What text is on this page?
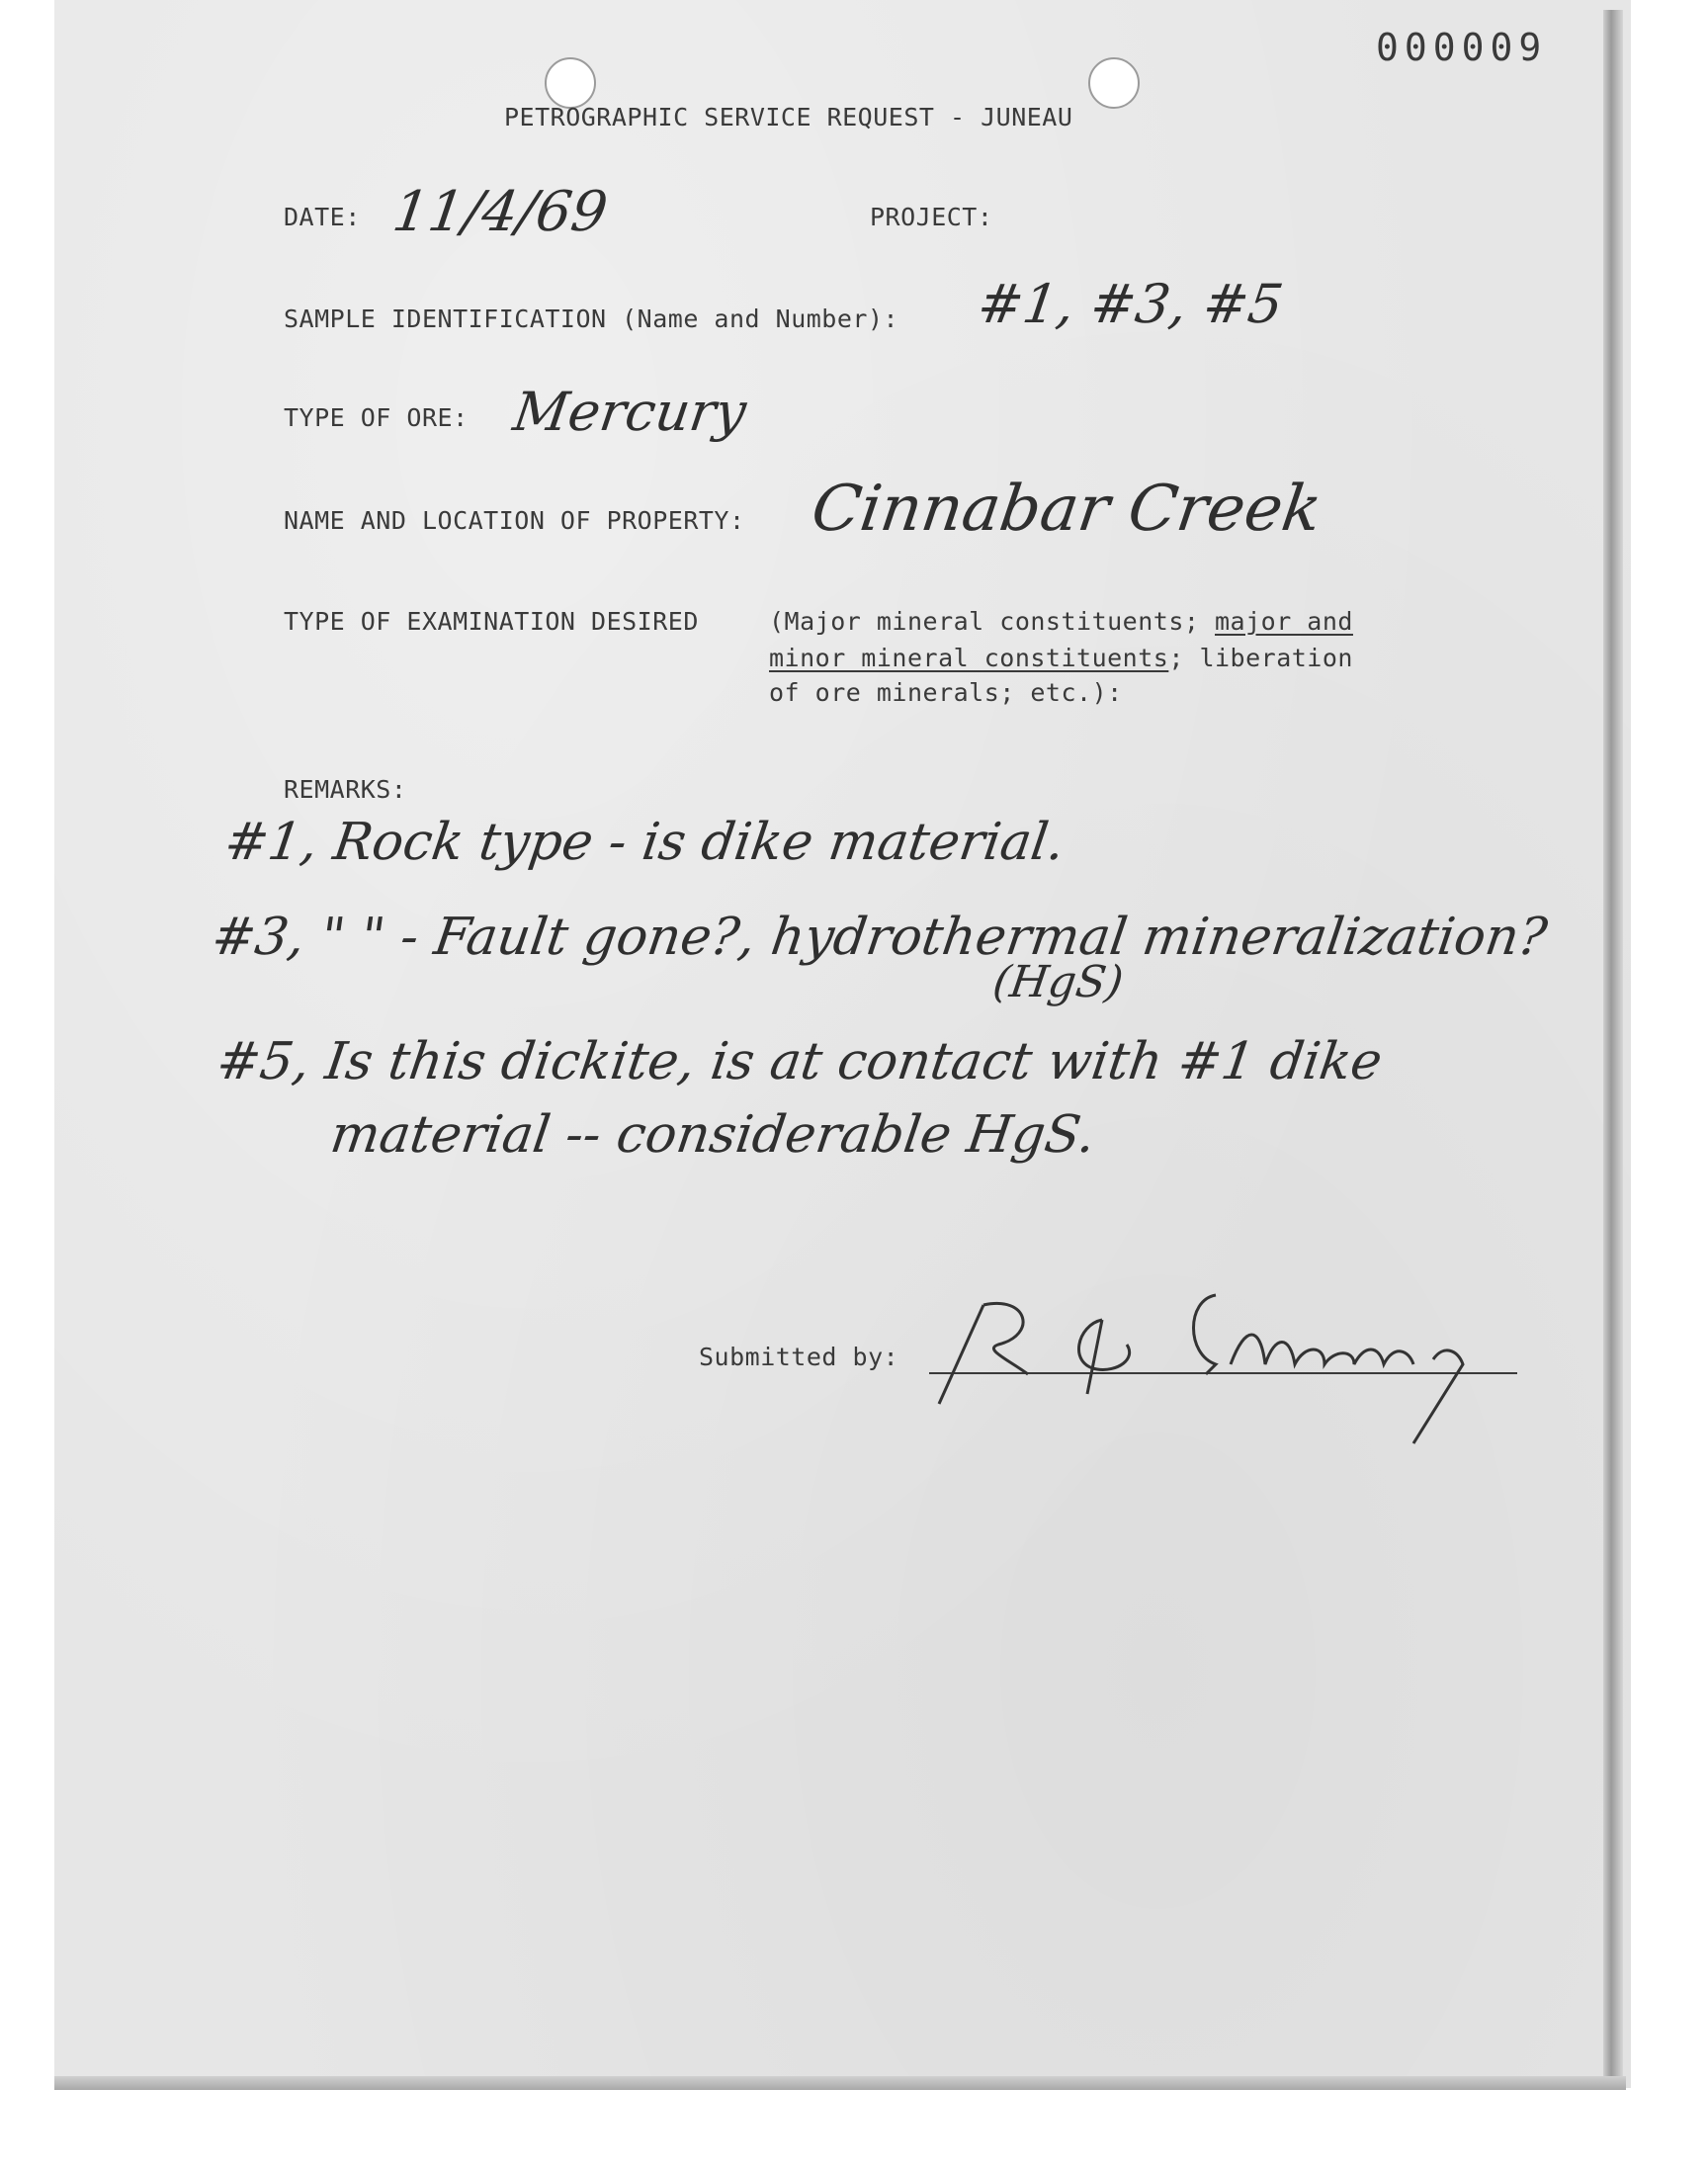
000009
PETROGRAPHIC SERVICE REQUEST - JUNEAU
DATE: 11/4/69	PROJECT:
SAMPLE IDENTIFICATION (Name and Number): #1, #3, #5
TYPE OF ORE: Mercury
NAME AND LOCATION OF PROPERTY: Cinnabar Creek
TYPE OF EXAMINATION DESIRED	(Major mineral constituents; major and
minor mineral constituents; liberation
of ore minerals; etc.):
REMARKS:
#1, Rock type - is dike material.
#3, " " - Fault gone?, hydrothermal mineralization?
(HgS)
#5, Is this dickite, is at contact with #1 dike
material -- considerable HgS.
Submitted by:
